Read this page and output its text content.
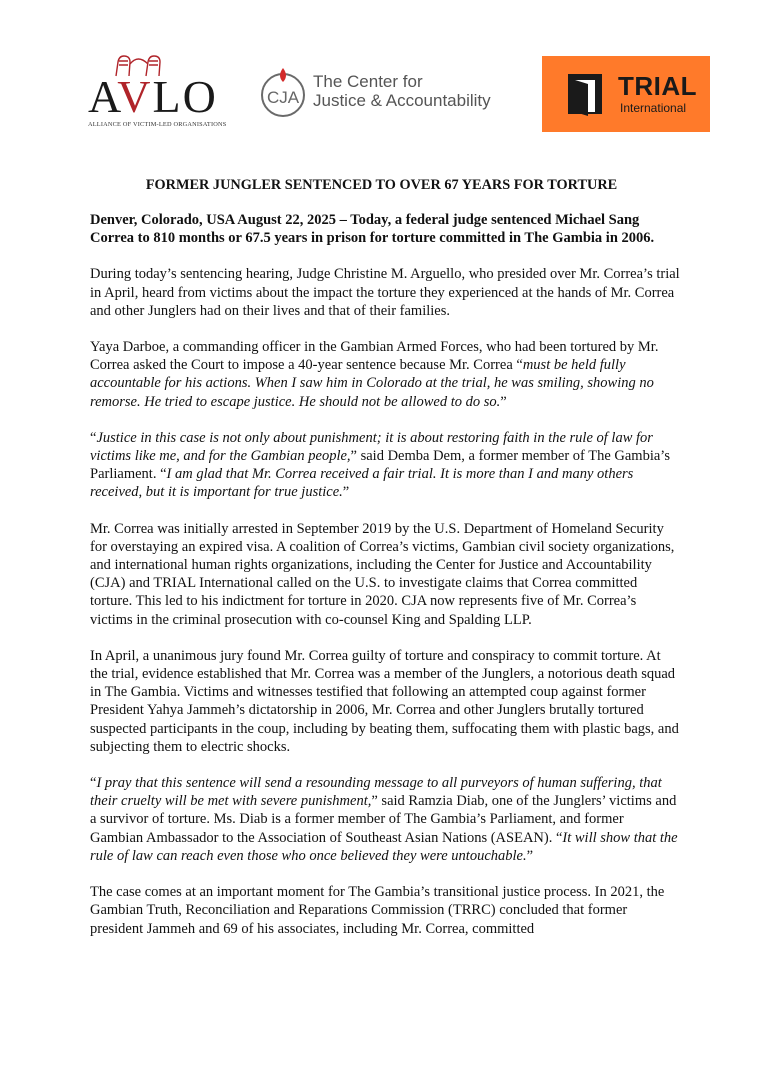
AVLO
ALLIANCE OF VICTIM-LED ORGANISATIONS
CJA
The Center for
Justice & Accountability	TRIAL
International
FORMER JUNGLER SENTENCED TO OVER 67 YEARS FOR TORTURE

Denver, Colorado, USA August 22, 2025 – Today, a federal judge sentenced Michael Sang Correa to 810 months or 67.5 years in prison for torture committed in The Gambia in 2006.

During today’s sentencing hearing, Judge Christine M. Arguello, who presided over Mr. Correa’s trial in April, heard from victims about the impact the torture they experienced at the hands of Mr. Correa and other Junglers had on their lives and that of their families.

Yaya Darboe, a commanding officer in the Gambian Armed Forces, who had been tortured by Mr. Correa asked the Court to impose a 40-year sentence because Mr. Correa “must be held fully accountable for his actions. When I saw him in Colorado at the trial, he was smiling, showing no remorse. He tried to escape justice. He should not be allowed to do so.”

“Justice in this case is not only about punishment; it is about restoring faith in the rule of law for victims like me, and for the Gambian people,” said Demba Dem, a former member of The Gambia’s Parliament. “I am glad that Mr. Correa received a fair trial. It is more than I and many others received, but it is important for true justice.”

Mr. Correa was initially arrested in September 2019 by the U.S. Department of Homeland Security for overstaying an expired visa. A coalition of Correa’s victims, Gambian civil society organizations, and international human rights organizations, including the Center for Justice and Accountability (CJA) and TRIAL International called on the U.S. to investigate claims that Correa committed torture. This led to his indictment for torture in 2020. CJA now represents five of Mr. Correa’s victims in the criminal prosecution with co-counsel King and Spalding LLP.

In April, a unanimous jury found Mr. Correa guilty of torture and conspiracy to commit torture. At the trial, evidence established that Mr. Correa was a member of the Junglers, a notorious death squad in The Gambia. Victims and witnesses testified that following an attempted coup against former President Yahya Jammeh’s dictatorship in 2006, Mr. Correa and other Junglers brutally tortured suspected participants in the coup, including by beating them, suffocating them with plastic bags, and subjecting them to electric shocks.

“I pray that this sentence will send a resounding message to all purveyors of human suffering, that their cruelty will be met with severe punishment,” said Ramzia Diab, one of the Junglers’ victims and a survivor of torture. Ms. Diab is a former member of The Gambia’s Parliament, and former Gambian Ambassador to the Association of Southeast Asian Nations (ASEAN). “It will show that the rule of law can reach even those who once believed they were untouchable.”

The case comes at an important moment for The Gambia’s transitional justice process. In 2021, the Gambian Truth, Reconciliation and Reparations Commission (TRRC) concluded that former president Jammeh and 69 of his associates, including Mr. Correa, committed
